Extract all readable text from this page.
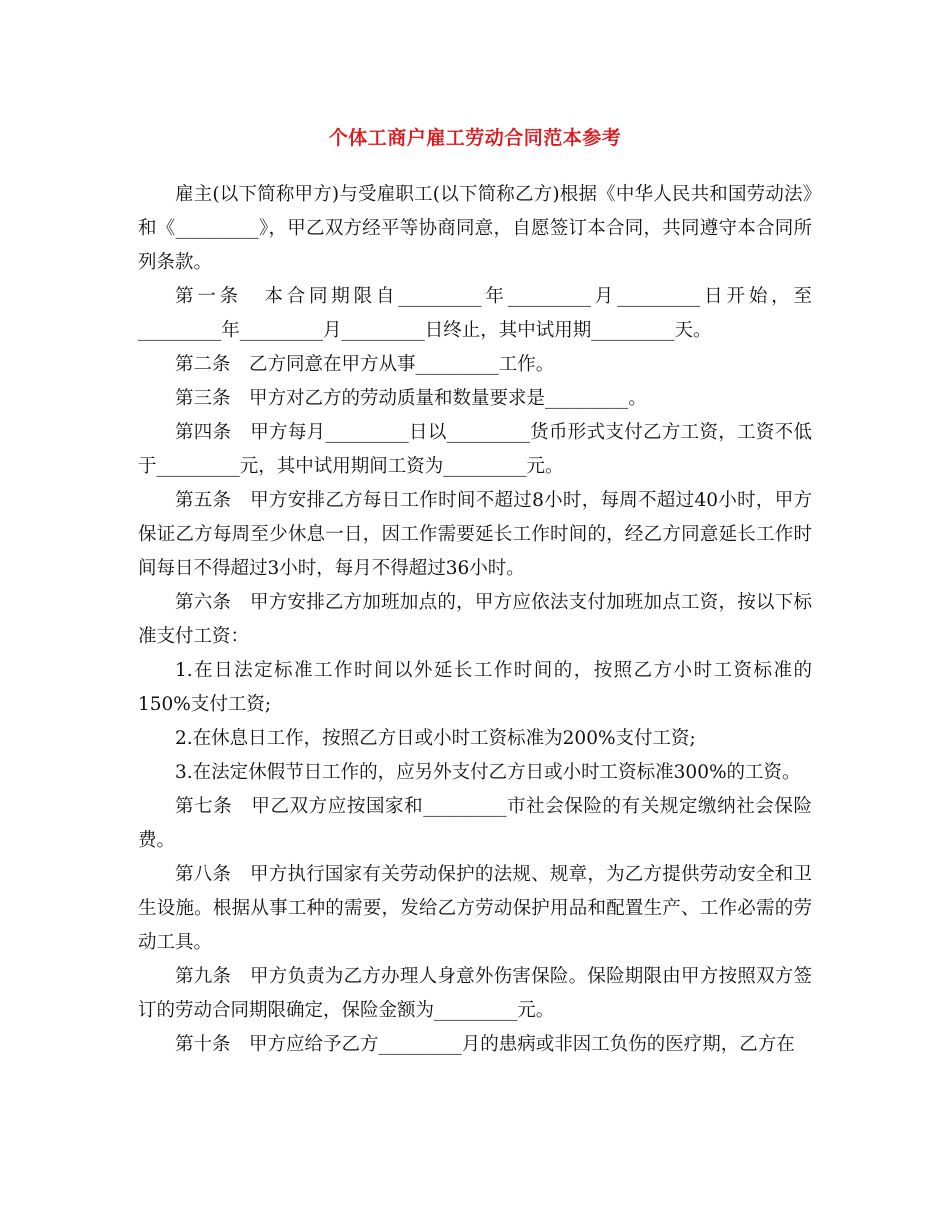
个体工商户雇工劳动合同范本参考

雇主(以下简称甲方)与受雇职工(以下简称乙方)根据《中华人民共和国劳动法》和《_________》，甲乙双方经平等协商同意，自愿签订本合同，共同遵守本合同所列条款。

第一条　本合同期限自_________年_________月_________日开始，至_________年_________月_________日终止，其中试用期_________天。

第二条　乙方同意在甲方从事_________工作。

第三条　甲方对乙方的劳动质量和数量要求是_________。

第四条　甲方每月_________日以_________货币形式支付乙方工资，工资不低于_________元，其中试用期间工资为_________元。

第五条　甲方安排乙方每日工作时间不超过8小时，每周不超过40小时，甲方保证乙方每周至少休息一日，因工作需要延长工作时间的，经乙方同意延长工作时间每日不得超过3小时，每月不得超过36小时。

第六条　甲方安排乙方加班加点的，甲方应依法支付加班加点工资，按以下标准支付工资：

1.在日法定标准工作时间以外延长工作时间的，按照乙方小时工资标准的150%支付工资;

2.在休息日工作，按照乙方日或小时工资标准为200%支付工资;

3.在法定休假节日工作的，应另外支付乙方日或小时工资标准300%的工资。

第七条　甲乙双方应按国家和_________市社会保险的有关规定缴纳社会保险费。

第八条　甲方执行国家有关劳动保护的法规、规章，为乙方提供劳动安全和卫生设施。根据从事工种的需要，发给乙方劳动保护用品和配置生产、工作必需的劳动工具。

第九条　甲方负责为乙方办理人身意外伤害保险。保险期限由甲方按照双方签订的劳动合同期限确定，保险金额为_________元。

第十条　甲方应给予乙方_________月的患病或非因工负伤的医疗期，乙方在
